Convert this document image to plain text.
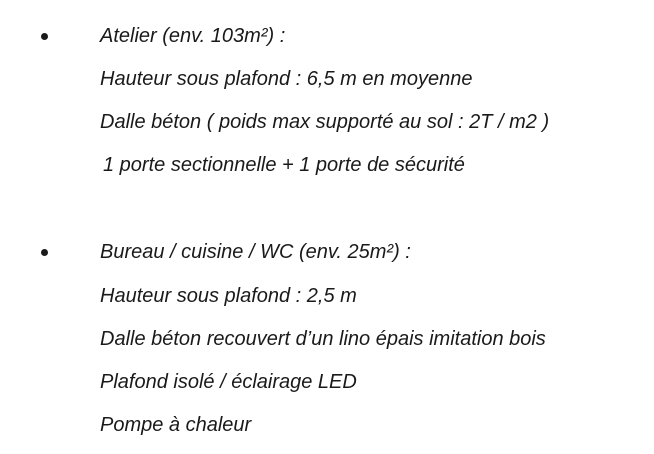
Atelier (env. 103m²) :
Hauteur sous plafond : 6,5 m en moyenne
Dalle béton ( poids max supporté au sol : 2T / m2 )
1 porte sectionnelle + 1 porte de sécurité
Bureau / cuisine / WC (env. 25m²) :
Hauteur sous plafond : 2,5 m
Dalle béton recouvert d’un lino épais imitation bois
Plafond isolé / éclairage LED
Pompe à chaleur
